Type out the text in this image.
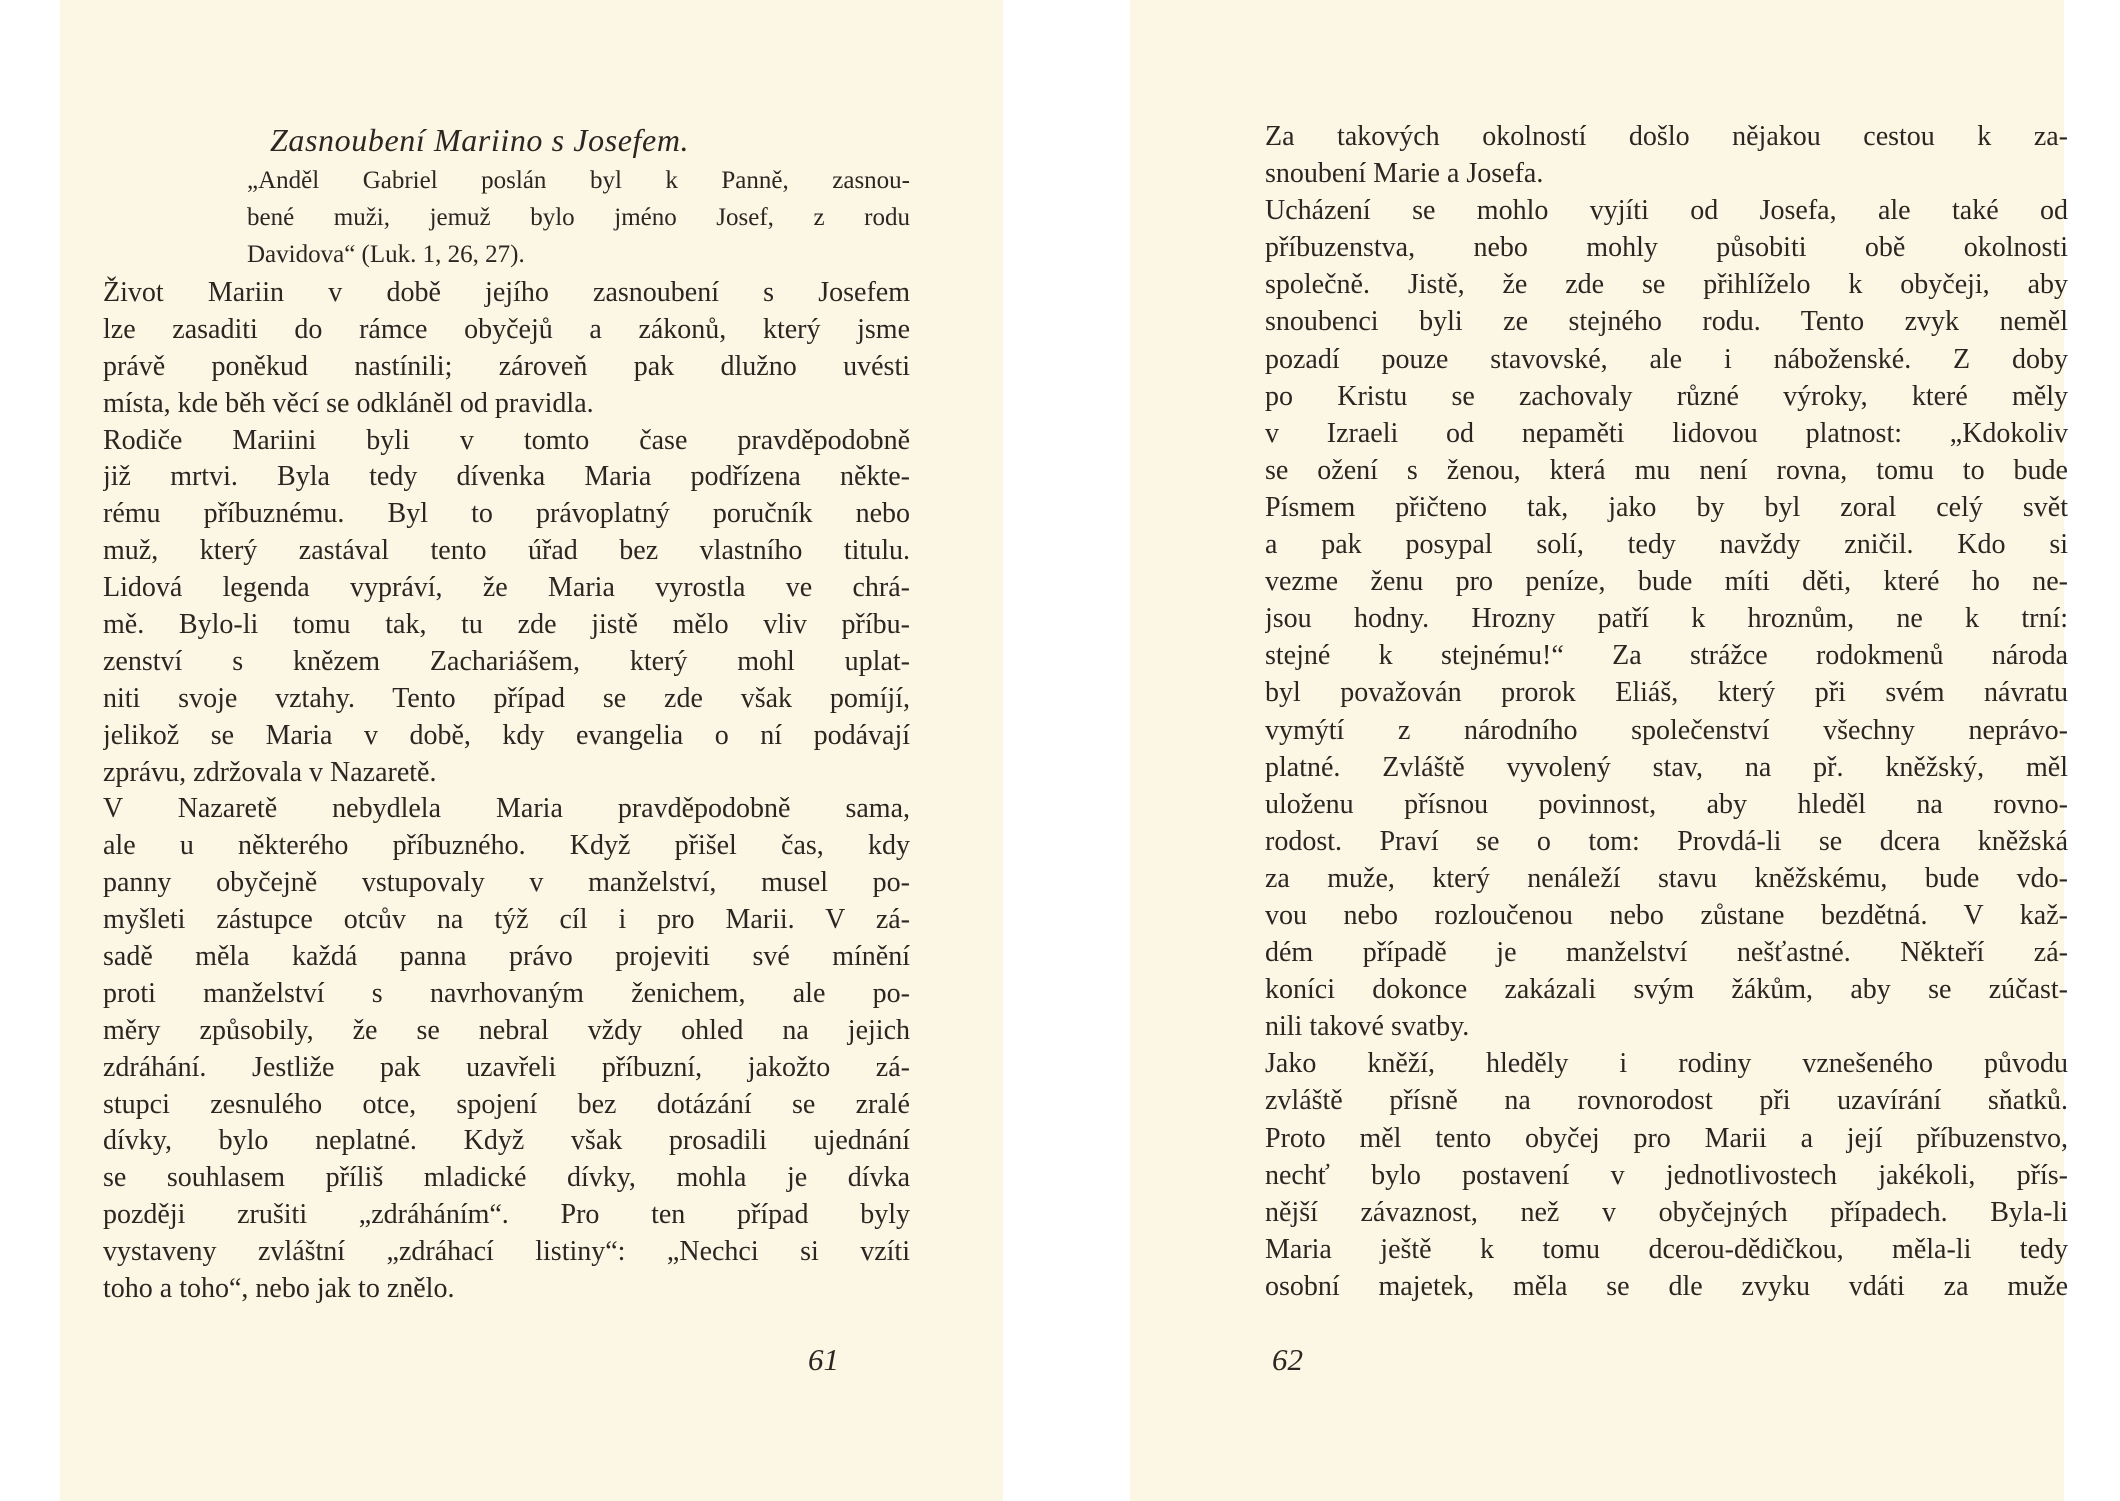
Zasnoubení Mariino s Josefem.
„Anděl Gabriel poslán byl k Panně, zasnou-
bené muži, jemuž bylo jméno Josef, z rodu
Davidova“ (Luk. 1, 26, 27).
Život Mariin v době jejího zasnoubení s Josefem
lze zasaditi do rámce obyčejů a zákonů, který jsme
právě poněkud nastínili; zároveň pak dlužno uvésti
místa, kde běh věcí se odkláněl od pravidla.
Rodiče Mariini byli v tomto čase pravděpodobně
již mrtvi. Byla tedy dívenka Maria podřízena někte-
rému příbuznému. Byl to právoplatný poručník nebo
muž, který zastával tento úřad bez vlastního titulu.
Lidová legenda vypráví, že Maria vyrostla ve chrá-
mě. Bylo-li tomu tak, tu zde jistě mělo vliv příbu-
zenství s knězem Zachariášem, který mohl uplat-
niti svoje vztahy. Tento případ se zde však pomíjí,
jelikož se Maria v době, kdy evangelia o ní podávají
zprávu, zdržovala v Nazaretě.
V Nazaretě nebydlela Maria pravděpodobně sama,
ale u některého příbuzného. Když přišel čas, kdy
panny obyčejně vstupovaly v manželství, musel po-
myšleti zástupce otcův na týž cíl i pro Marii. V zá-
sadě měla každá panna právo projeviti své mínění
proti manželství s navrhovaným ženichem, ale po-
měry způsobily, že se nebral vždy ohled na jejich
zdráhání. Jestliže pak uzavřeli příbuzní, jakožto zá-
stupci zesnulého otce, spojení bez dotázání se zralé
dívky, bylo neplatné. Když však prosadili ujednání
se souhlasem příliš mladické dívky, mohla je dívka
později zrušiti „zdráháním“. Pro ten případ byly
vystaveny zvláštní „zdráhací listiny“: „Nechci si vzíti
toho a toho“, nebo jak to znělo.
61
Za takových okolností došlo nějakou cestou k za-
snoubení Marie a Josefa.
Ucházení se mohlo vyjíti od Josefa, ale také od
příbuzenstva, nebo mohly působiti obě okolnosti
společně. Jistě, že zde se přihlíželo k obyčeji, aby
snoubenci byli ze stejného rodu. Tento zvyk neměl
pozadí pouze stavovské, ale i náboženské. Z doby
po Kristu se zachovaly různé výroky, které měly
v Izraeli od nepaměti lidovou platnost: „Kdokoliv
se ožení s ženou, která mu není rovna, tomu to bude
Písmem přičteno tak, jako by byl zoral celý svět
a pak posypal solí, tedy navždy zničil. Kdo si
vezme ženu pro peníze, bude míti děti, které ho ne-
jsou hodny. Hrozny patří k hroznům, ne k trní:
stejné k stejnému!“ Za strážce rodokmenů národa
byl považován prorok Eliáš, který při svém návratu
vymýtí z národního společenství všechny neprávo-
platné. Zvláště vyvolený stav, na př. kněžský, měl
uloženu přísnou povinnost, aby hleděl na rovno-
rodost. Praví se o tom: Provdá-li se dcera kněžská
za muže, který nenáleží stavu kněžskému, bude vdo-
vou nebo rozloučenou nebo zůstane bezdětná. V kaž-
dém případě je manželství nešťastné. Někteří zá-
koníci dokonce zakázali svým žákům, aby se zúčast-
nili takové svatby.
Jako kněží, hleděly i rodiny vznešeného původu
zvláště přísně na rovnorodost při uzavírání sňatků.
Proto měl tento obyčej pro Marii a její příbuzenstvo,
nechť bylo postavení v jednotlivostech jakékoli, přís-
nější závaznost, než v obyčejných případech. Byla-li
Maria ještě k tomu dcerou-dědičkou, měla-li tedy
osobní majetek, měla se dle zvyku vdáti za muže
62
